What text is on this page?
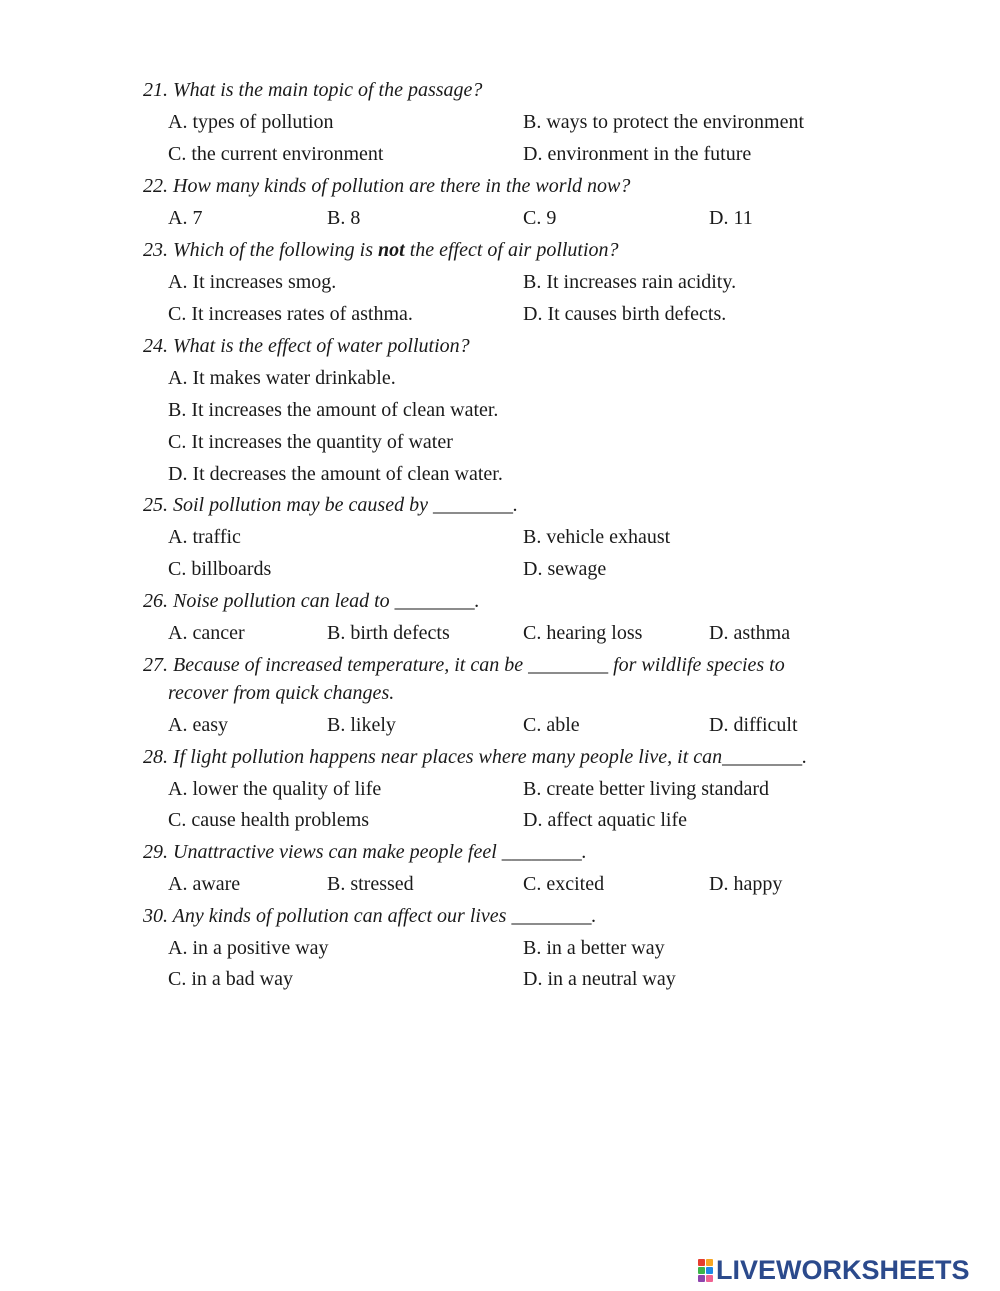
21. What is the main topic of the passage?
A. types of pollution	B. ways to protect the environment
C. the current environment	D. environment in the future
22. How many kinds of pollution are there in the world now?
A. 7	B. 8	C. 9	D. 11
23. Which of the following is not the effect of air pollution?
A. It increases smog.	B. It increases rain acidity.
C. It increases rates of asthma.	D. It causes birth defects.
24. What is the effect of water pollution?
A. It makes water drinkable.
B. It increases the amount of clean water.
C. It increases the quantity of water
D. It decreases the amount of clean water.
25. Soil pollution may be caused by ________.
A. traffic	B. vehicle exhaust
C. billboards	D. sewage
26. Noise pollution can lead to ________.
A. cancer	B. birth defects	C. hearing loss	D. asthma
27. Because of increased temperature, it can be ________ for wildlife species to
recover from quick changes.
A. easy	B. likely	C. able	D. difficult
28. If light pollution happens near places where many people live, it can________.
A. lower the quality of life	B. create better living standard
C. cause health problems	D. affect aquatic life
29. Unattractive views can make people feel ________.
A. aware	B. stressed	C. excited	D. happy
30. Any kinds of pollution can affect our lives ________.
A. in a positive way	B. in a better way
C. in a bad way	D. in a neutral way
LIVEWORKSHEETS
